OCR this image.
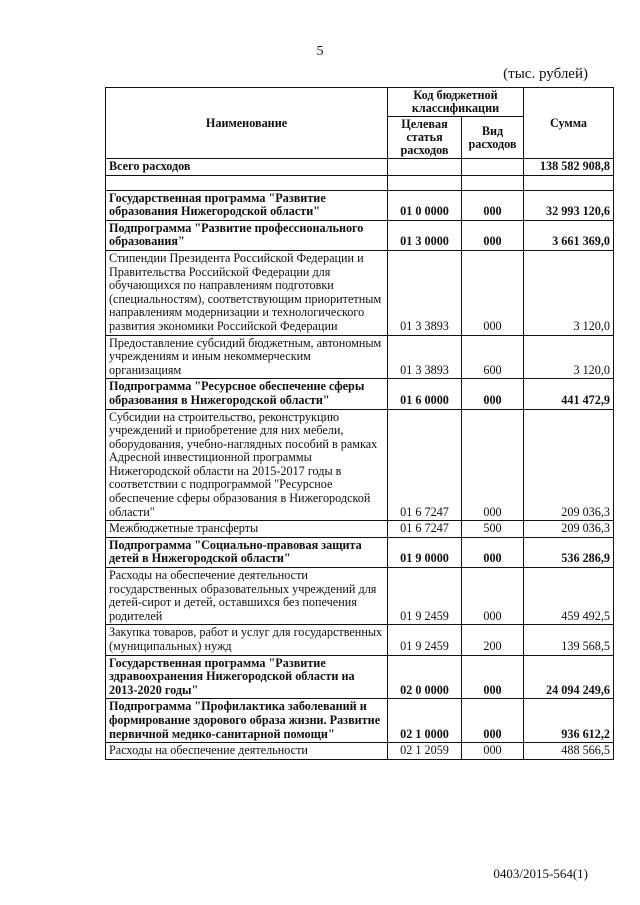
5
(тыс. рублей)
Наименование	Код бюджетной классификации		Сумма
	Целевая статья расходов	Вид расходов	
Всего расходов			138 582 908,8

Государственная программа "Развитие образования Нижегородской области"	01 0 0000	000	32 993 120,6
Подпрограмма "Развитие профессионального образования"	01 3 0000	000	3 661 369,0
Стипендии Президента Российской Федерации и Правительства Российской Федерации для обучающихся по направлениям подготовки (специальностям), соответствующим приоритетным направлениям модернизации и технологического развития экономики Российской Федерации	01 3 3893	000	3 120,0
Предоставление субсидий бюджетным, автономным учреждениям и иным некоммерческим организациям	01 3 3893	600	3 120,0
Подпрограмма "Ресурсное обеспечение сферы образования в Нижегородской области"	01 6 0000	000	441 472,9
Субсидии на строительство, реконструкцию учреждений и приобретение для них мебели, оборудования, учебно-наглядных пособий в рамках Адресной инвестиционной программы Нижегородской области на 2015-2017 годы в соответствии с подпрограммой "Ресурсное обеспечение сферы образования в Нижегородской области"	01 6 7247	000	209 036,3
Межбюджетные трансферты	01 6 7247	500	209 036,3
Подпрограмма "Социально-правовая защита детей в Нижегородской области"	01 9 0000	000	536 286,9
Расходы на обеспечение деятельности государственных образовательных учреждений для детей-сирот и детей, оставшихся без попечения родителей	01 9 2459	000	459 492,5
Закупка товаров, работ и услуг для государственных (муниципальных) нужд	01 9 2459	200	139 568,5
Государственная программа "Развитие здравоохранения Нижегородской области на 2013-2020 годы"	02 0 0000	000	24 094 249,6
Подпрограмма "Профилактика заболеваний и формирование здорового образа жизни. Развитие первичной медико-санитарной помощи"	02 1 0000	000	936 612,2
Расходы на обеспечение деятельности	02 1 2059	000	488 566,5
0403/2015-564(1)
